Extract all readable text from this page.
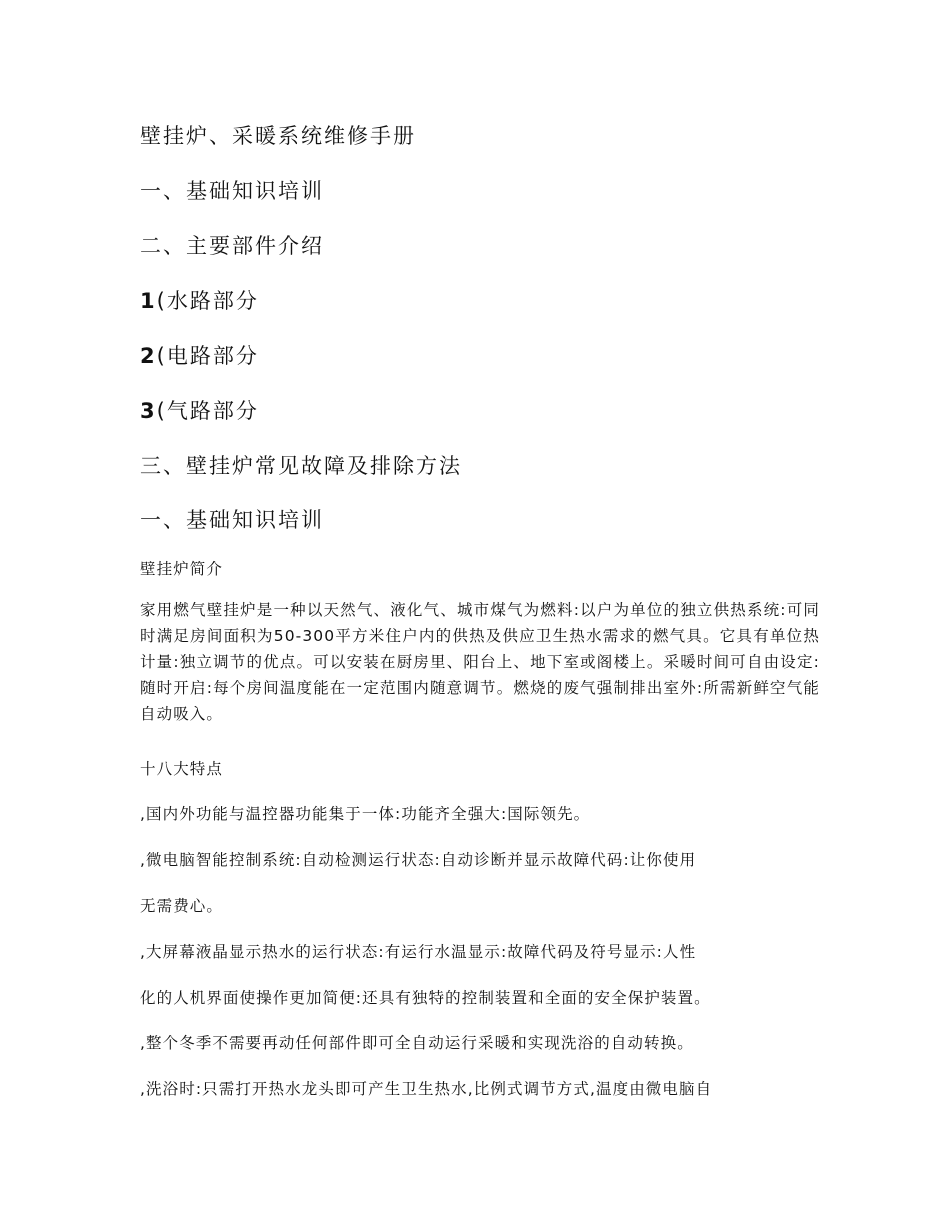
壁挂炉、采暖系统维修手册

一、基础知识培训

二、主要部件介绍

1(水路部分

2(电路部分

3(气路部分

三、壁挂炉常见故障及排除方法

一、基础知识培训

壁挂炉简介

家用燃气壁挂炉是一种以天然气、液化气、城市煤气为燃料:以户为单位的独立供热系统:可同时满足房间面积为50-300平方米住户内的供热及供应卫生热水需求的燃气具。它具有单位热计量:独立调节的优点。可以安装在厨房里、阳台上、地下室或阁楼上。采暖时间可自由设定:随时开启:每个房间温度能在一定范围内随意调节。燃烧的废气强制排出室外:所需新鲜空气能自动吸入。

十八大特点

,国内外功能与温控器功能集于一体:功能齐全强大:国际领先。

,微电脑智能控制系统:自动检测运行状态:自动诊断并显示故障代码:让你使用

无需费心。

,大屏幕液晶显示热水的运行状态:有运行水温显示:故障代码及符号显示:人性

化的人机界面使操作更加简便:还具有独特的控制装置和全面的安全保护装置。

,整个冬季不需要再动任何部件即可全自动运行采暖和实现洗浴的自动转换。

,洗浴时:只需打开热水龙头即可产生卫生热水,比例式调节方式,温度由微电脑自
